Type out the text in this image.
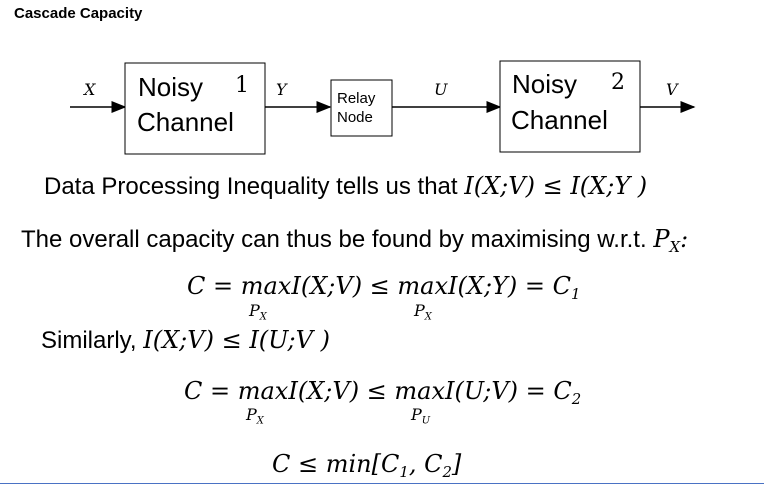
Cascade Capacity
X Noisy 1
Channel
Y	Relay
Node
U Noisy 2
Channel
V
Data Processing Inequality tells us that I(X;V) ≤ I(X;Y )
The overall capacity can thus be found by maximising w.r.t. $P_X$:
C = maxI(X;V) ≤ maxI(X;Y) = $C_1$
$P_X$	$P_X$
Similarly, I(X;V) ≤ I(U;V )
C = maxI(X;V) ≤ maxI(U;V) = $C_2$
$P_X$	$P_U$
$C \le \min[C_1$, $C_2$]
